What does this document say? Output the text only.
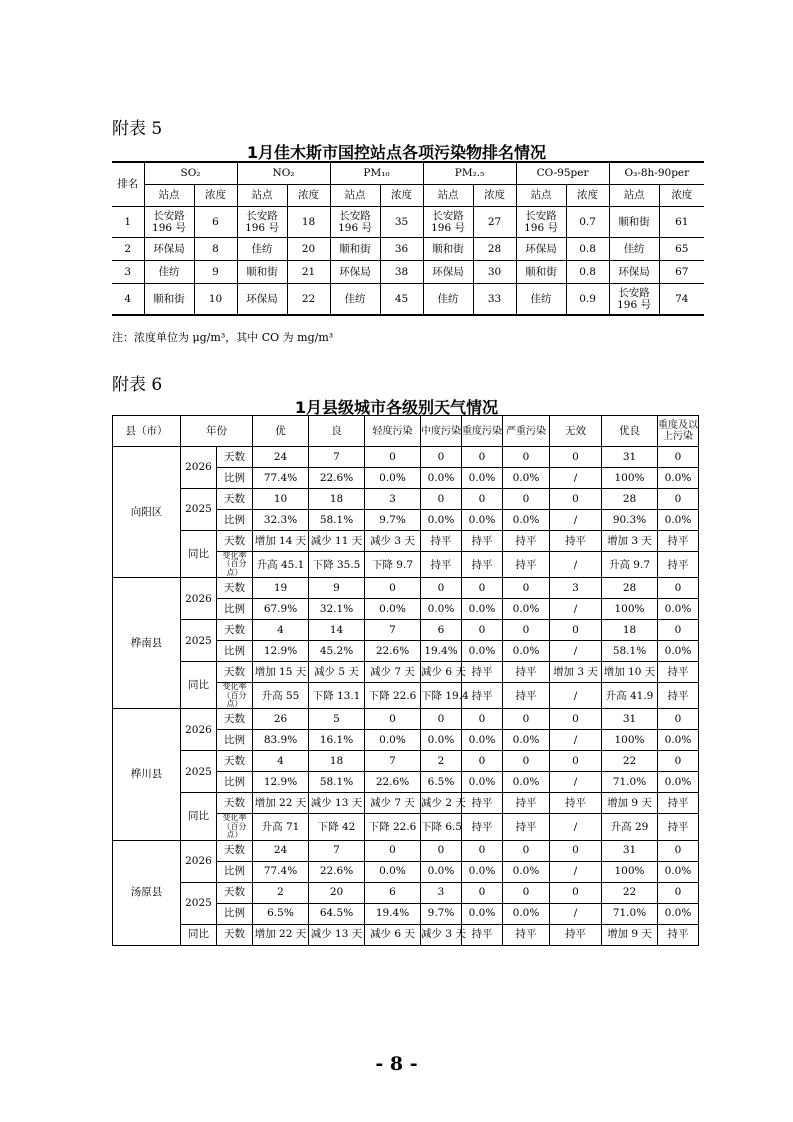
附表 5
1月佳木斯市国控站点各项污染物排名情况
排名	SO₂		NO₂		PM₁₀		PM₂.₅		CO-95per		O₃-8h-90per	
	站点	浓度	站点	浓度	站点	浓度	站点	浓度	站点	浓度	站点	浓度
1	长安路196 号	6	长安路196 号	18	长安路196 号	35	长安路196 号	27	长安路196 号	0.7	顺和街	61
2	环保局	8	佳纺	20	顺和街	36	顺和街	28	环保局	0.8	佳纺	65
3	佳纺	9	顺和街	21	环保局	38	环保局	30	顺和街	0.8	环保局	67
4	顺和街	10	环保局	22	佳纺	45	佳纺	33	佳纺	0.9	长安路196 号	74
注：浓度单位为 μg/m³，其中 CO 为 mg/m³
附表 6
1月县级城市各级别天气情况
县（市）	年份		优	良	轻度污染	中度污染	重度污染	严重污染	无效	优良	重度及以上污染
向阳区	2026	天数	24	7	0	0	0	0	0	31	0
		比例	77.4%	22.6%	0.0%	0.0%	0.0%	0.0%	/	100%	0.0%
	2025	天数	10	18	3	0	0	0	0	28	0
		比例	32.3%	58.1%	9.7%	0.0%	0.0%	0.0%	/	90.3%	0.0%
	同比	天数	增加 14 天	减少 11 天	减少 3 天	持平	持平	持平	持平	增加 3 天	持平
		变化率（百分点）	升高 45.1	下降 35.5	下降 9.7	持平	持平	持平	/	升高 9.7	持平
桦南县	2026	天数	19	9	0	0	0	0	3	28	0
		比例	67.9%	32.1%	0.0%	0.0%	0.0%	0.0%	/	100%	0.0%
	2025	天数	4	14	7	6	0	0	0	18	0
		比例	12.9%	45.2%	22.6%	19.4%	0.0%	0.0%	/	58.1%	0.0%
	同比	天数	增加 15 天	减少 5 天	减少 7 天	减少 6 天	持平	持平	增加 3 天	增加 10 天	持平
		变化率（百分点）	升高 55	下降 13.1	下降 22.6	下降 19.4	持平	持平	/	升高 41.9	持平
桦川县	2026	天数	26	5	0	0	0	0	0	31	0
		比例	83.9%	16.1%	0.0%	0.0%	0.0%	0.0%	/	100%	0.0%
	2025	天数	4	18	7	2	0	0	0	22	0
		比例	12.9%	58.1%	22.6%	6.5%	0.0%	0.0%	/	71.0%	0.0%
	同比	天数	增加 22 天	减少 13 天	减少 7 天	减少 2 天	持平	持平	持平	增加 9 天	持平
		变化率（百分点）	升高 71	下降 42	下降 22.6	下降 6.5	持平	持平	/	升高 29	持平
汤原县	2026	天数	24	7	0	0	0	0	0	31	0
		比例	77.4%	22.6%	0.0%	0.0%	0.0%	0.0%	/	100%	0.0%
	2025	天数	2	20	6	3	0	0	0	22	0
		比例	6.5%	64.5%	19.4%	9.7%	0.0%	0.0%	/	71.0%	0.0%
	同比	天数	增加 22 天	减少 13 天	减少 6 天	减少 3 天	持平	持平	持平	增加 9 天	持平
- 8 -
